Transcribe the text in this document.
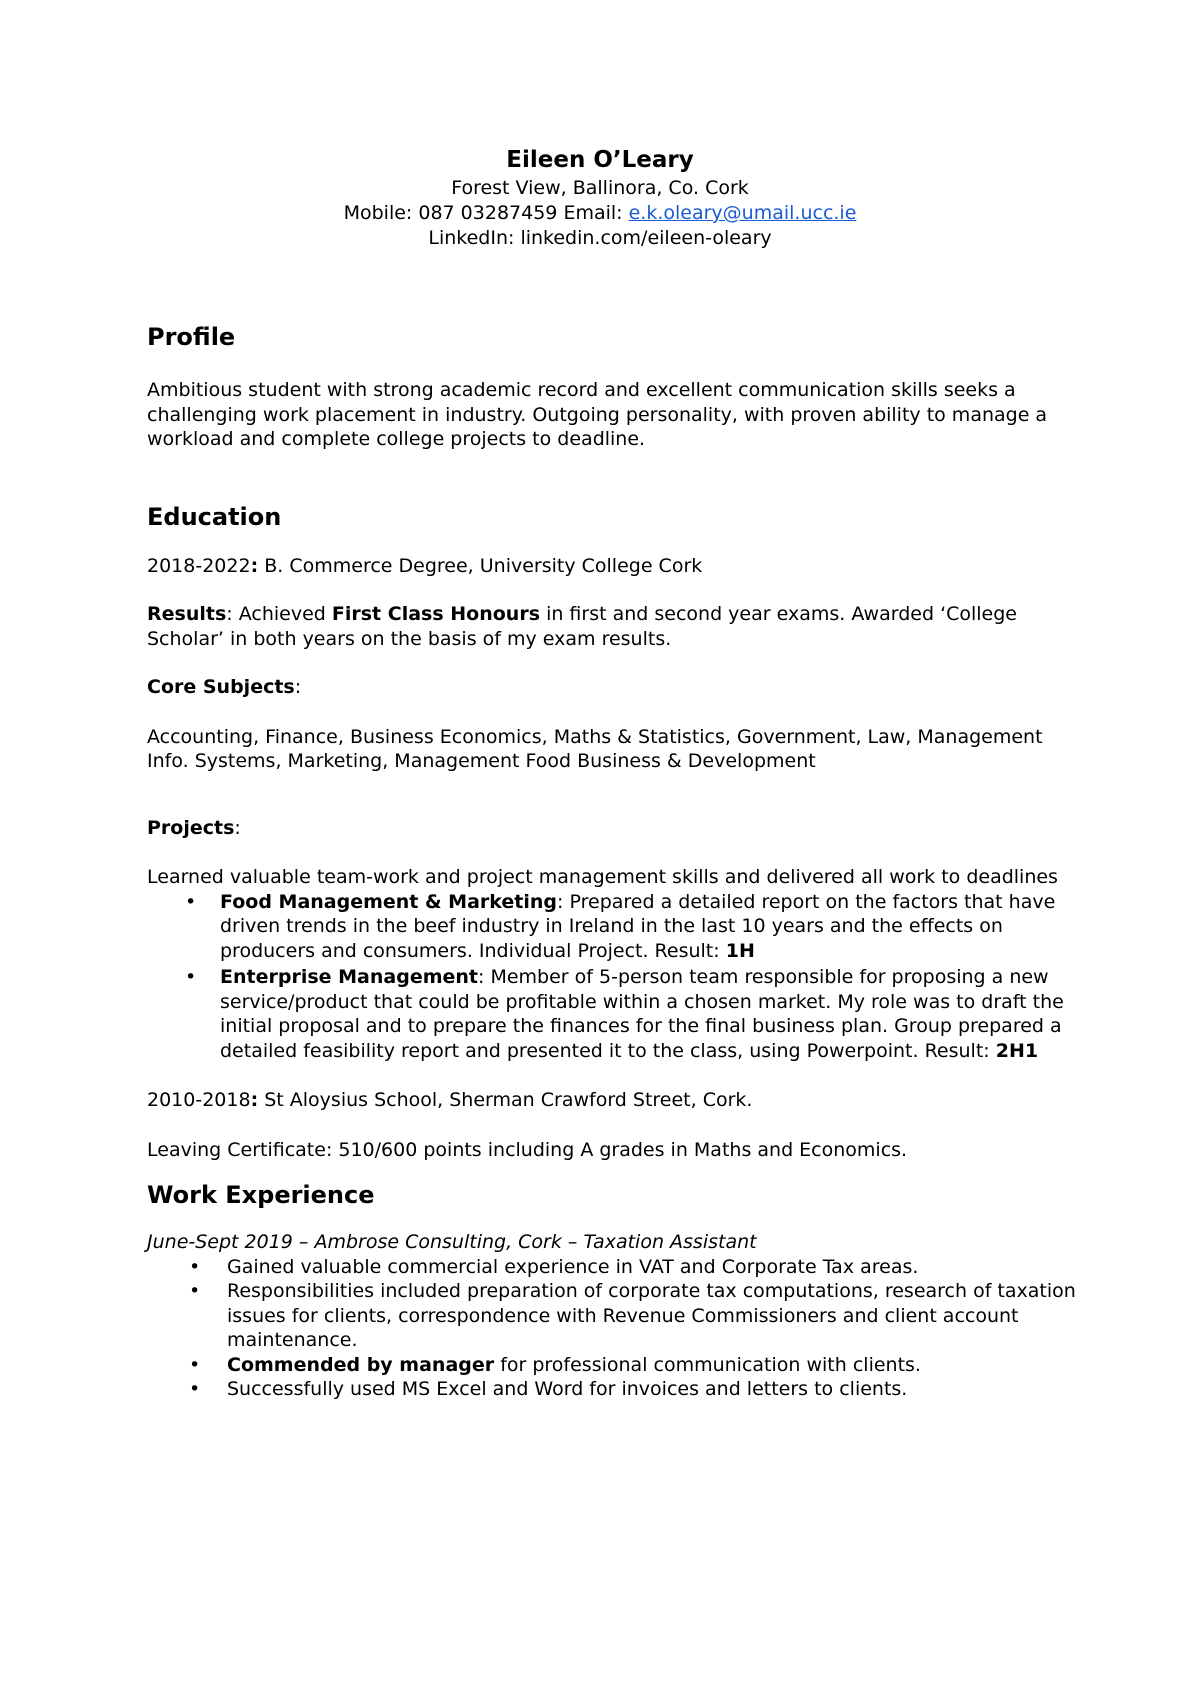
Eileen O’Leary
Forest View, Ballinora, Co. Cork
Mobile: 087 03287459 Email: e.k.oleary@umail.ucc.ie
LinkedIn: linkedin.com/eileen-oleary
Profile

Ambitious student with strong academic record and excellent communication skills seeks a challenging work placement in industry. Outgoing personality, with proven ability to manage a workload and complete college projects to deadline.

Education

2018-2022: B. Commerce Degree, University College Cork

Results: Achieved First Class Honours in first and second year exams. Awarded ‘College Scholar’ in both years on the basis of my exam results.

Core Subjects:

Accounting, Finance, Business Economics, Maths & Statistics, Government, Law, Management Info. Systems, Marketing, Management Food Business & Development

Projects:

Learned valuable team-work and project management skills and delivered all work to deadlines

• Food Management & Marketing: Prepared a detailed report on the factors that have driven trends in the beef industry in Ireland in the last 10 years and the effects on producers and consumers. Individual Project. Result: 1H
• Enterprise Management: Member of 5-person team responsible for proposing a new service/product that could be profitable within a chosen market. My role was to draft the initial proposal and to prepare the finances for the final business plan. Group prepared a detailed feasibility report and presented it to the class, using Powerpoint. Result: 2H1

2010-2018: St Aloysius School, Sherman Crawford Street, Cork.

Leaving Certificate: 510/600 points including A grades in Maths and Economics.

Work Experience

June-Sept 2019 – Ambrose Consulting, Cork – Taxation Assistant

• Gained valuable commercial experience in VAT and Corporate Tax areas.
• Responsibilities included preparation of corporate tax computations, research of taxation issues for clients, correspondence with Revenue Commissioners and client account maintenance.
• Commended by manager for professional communication with clients.
• Successfully used MS Excel and Word for invoices and letters to clients.
